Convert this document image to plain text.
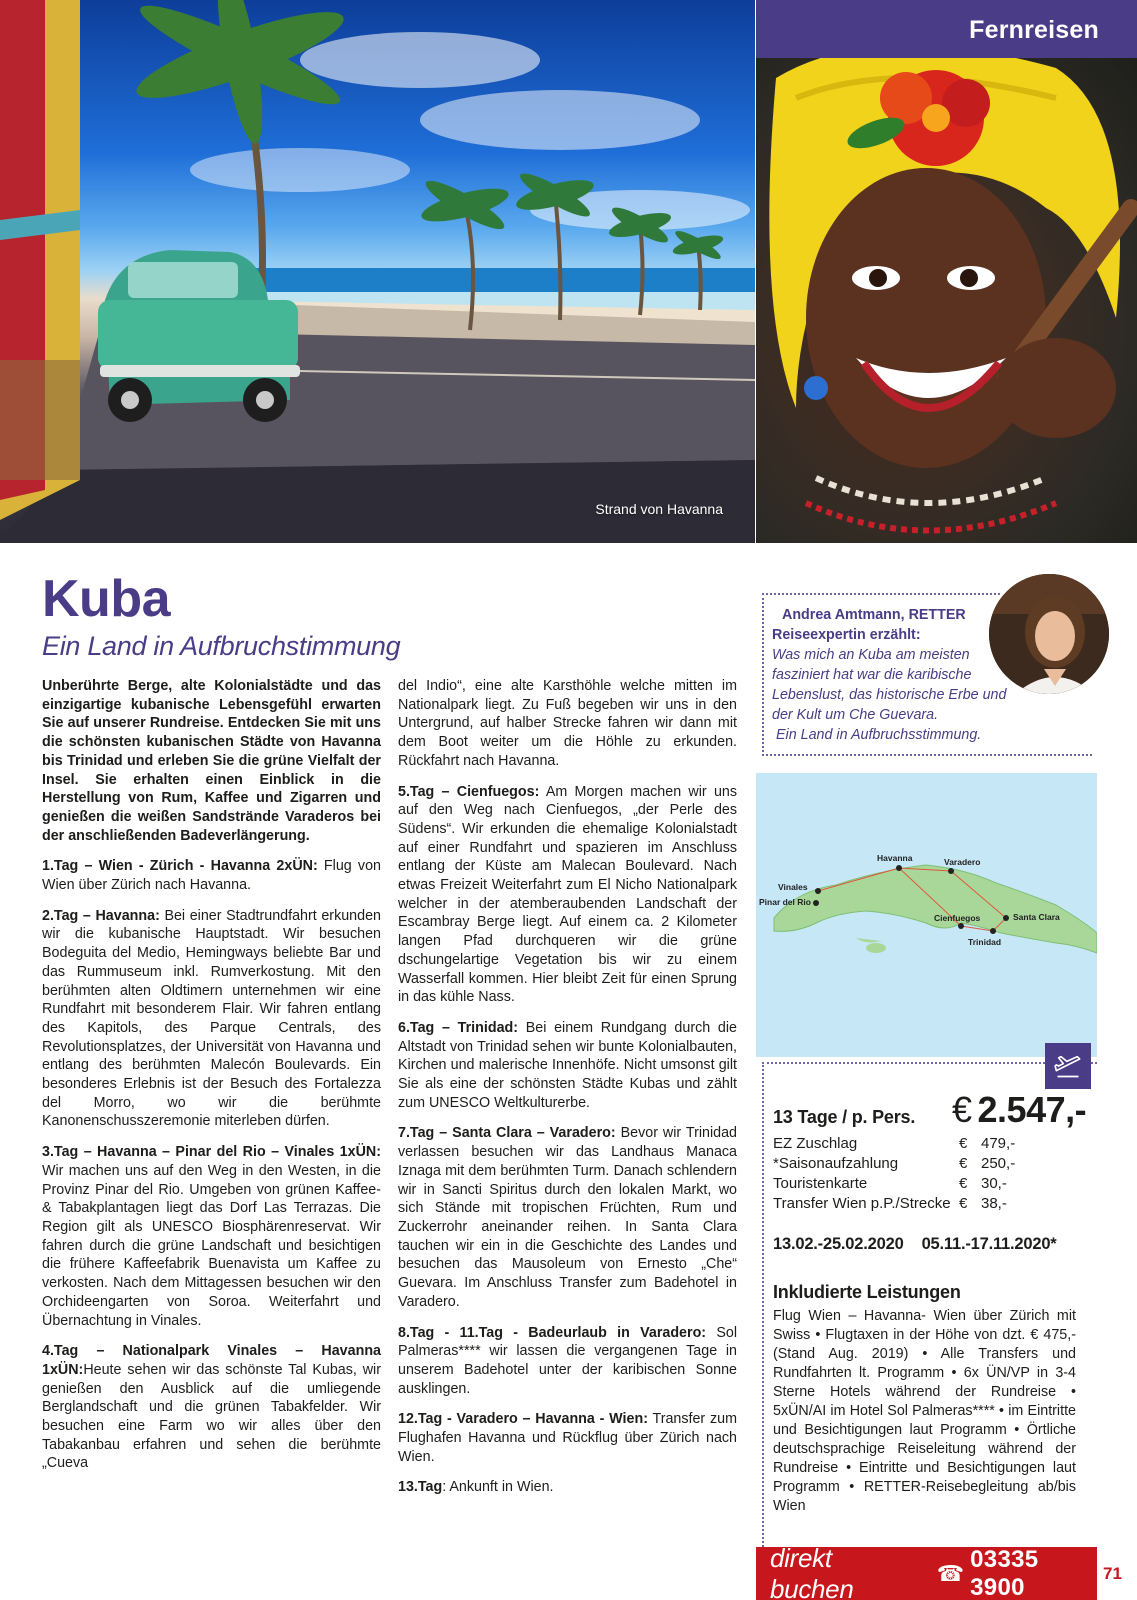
Strand von Havanna
Fernreisen
Kuba
Ein Land in Aufbruchstimmung

Unberührte Berge, alte Kolonialstädte und das einzigartige kubanische Lebensgefühl erwarten Sie auf unserer Rundreise. Entdecken Sie mit uns die schönsten kubanischen Städte von Havanna bis Trinidad und erleben Sie die grüne Vielfalt der Insel. Sie erhalten einen Einblick in die Herstellung von Rum, Kaffee und Zigarren und genießen die weißen Sandstrände Varaderos bei der anschließenden Badeverlängerung.

1.Tag – Wien - Zürich - Havanna 2xÜN: Flug von Wien über Zürich nach Havanna.

2.Tag – Havanna: Bei einer Stadtrundfahrt erkunden wir die kubanische Hauptstadt. Wir besuchen Bodeguita del Medio, Hemingways beliebte Bar und das Rummuseum inkl. Rumverkostung. Mit den berühmten alten Oldtimern unternehmen wir eine Rundfahrt mit besonderem Flair. Wir fahren entlang des Kapitols, des Parque Centrals, des Revolutionsplatzes, der Universität von Havanna und entlang des berühmten Malecón Boulevards. Ein besonderes Erlebnis ist der Besuch des Fortalezza del Morro, wo wir die berühmte Kanonenschusszeremonie miterleben dürfen.

3.Tag – Havanna – Pinar del Rio – Vinales 1xÜN: Wir machen uns auf den Weg in den Westen, in die Provinz Pinar del Rio. Umgeben von grünen Kaffee- & Tabakplantagen liegt das Dorf Las Terrazas. Die Region gilt als UNESCO Biosphärenreservat. Wir fahren durch die grüne Landschaft und besichtigen die frühere Kaffeefabrik Buenavista um Kaffee zu verkosten. Nach dem Mittagessen besuchen wir den Orchideengarten von Soroa. Weiterfahrt und Übernachtung in Vinales.

4.Tag – Nationalpark Vinales – Havanna 1xÜN:Heute sehen wir das schönste Tal Kubas, wir genießen den Ausblick auf die umliegende Berglandschaft und die grünen Tabakfelder. Wir besuchen eine Farm wo wir alles über den Tabakanbau erfahren und sehen die berühmte „Cueva

del Indio“, eine alte Karsthöhle welche mitten im Nationalpark liegt. Zu Fuß begeben wir uns in den Untergrund, auf halber Strecke fahren wir dann mit dem Boot weiter um die Höhle zu erkunden. Rückfahrt nach Havanna.

5.Tag – Cienfuegos: Am Morgen machen wir uns auf den Weg nach Cienfuegos, „der Perle des Südens“. Wir erkunden die ehemalige Kolonialstadt auf einer Rundfahrt und spazieren im Anschluss entlang der Küste am Malecan Boulevard. Nach etwas Freizeit Weiterfahrt zum El Nicho Nationalpark welcher in der atemberaubenden Landschaft der Escambray Berge liegt. Auf einem ca. 2 Kilometer langen Pfad durchqueren wir die grüne dschungelartige Vegetation bis wir zu einem Wasserfall kommen. Hier bleibt Zeit für einen Sprung in das kühle Nass.

6.Tag – Trinidad: Bei einem Rundgang durch die Altstadt von Trinidad sehen wir bunte Kolonialbauten, Kirchen und malerische Innenhöfe. Nicht umsonst gilt Sie als eine der schönsten Städte Kubas und zählt zum UNESCO Weltkulturerbe.

7.Tag – Santa Clara – Varadero: Bevor wir Trinidad verlassen besuchen wir das Landhaus Manaca Iznaga mit dem berühmten Turm. Danach schlendern wir in Sancti Spiritus durch den lokalen Markt, wo sich Stände mit tropischen Früchten, Rum und Zuckerrohr aneinander reihen. In Santa Clara tauchen wir ein in die Geschichte des Landes und besuchen das Mausoleum von Ernesto „Che“ Guevara. Im Anschluss Transfer zum Badehotel in Varadero.

8.Tag - 11.Tag - Badeurlaub in Varadero: Sol Palmeras**** wir lassen die vergangenen Tage in unserem Badehotel unter der karibischen Sonne ausklingen.

12.Tag - Varadero – Havanna - Wien: Transfer zum Flughafen Havanna und Rückflug über Zürich nach Wien.

13.Tag: Ankunft in Wien.

Andrea Amtmann, RETTER
Reiseexpertin erzählt:
Was mich an Kuba am meisten fasziniert hat war die karibische Lebenslust, das historische Erbe und der Kult um Che Guevara.
Ein Land in Aufbruchsstimmung.
Havanna	Varadero
Vinales
Pinar del Rio
Santa Clara
Cienfuegos
Trinidad
13 Tage / p. Pers. € 2.547,-
EZ Zuschlag	€ 479,-
*Saisonaufzahlung	€ 250,-
Touristenkarte	€ 30,-
Transfer Wien p.P./Strecke € 38,-
13.02.-25.02.2020 05.11.-17.11.2020*
Inkludierte Leistungen
Flug Wien – Havanna- Wien über Zürich mit Swiss • Flugtaxen in der Höhe von dzt. € 475,- (Stand Aug. 2019) • Alle Transfers und Rundfahrten lt. Programm • 6x ÜN/VP in 3-4 Sterne Hotels während der Rundreise • 5xÜN/AI im Hotel Sol Palmeras**** • im Eintritte und Besichtigungen laut Programm • Örtliche deutschsprachige Reiseleitung während der Rundreise • Eintritte und Besichtigungen laut Programm • RETTER-Reisebegleitung ab/bis Wien
direkt buchen
☎
03335 3900	71
